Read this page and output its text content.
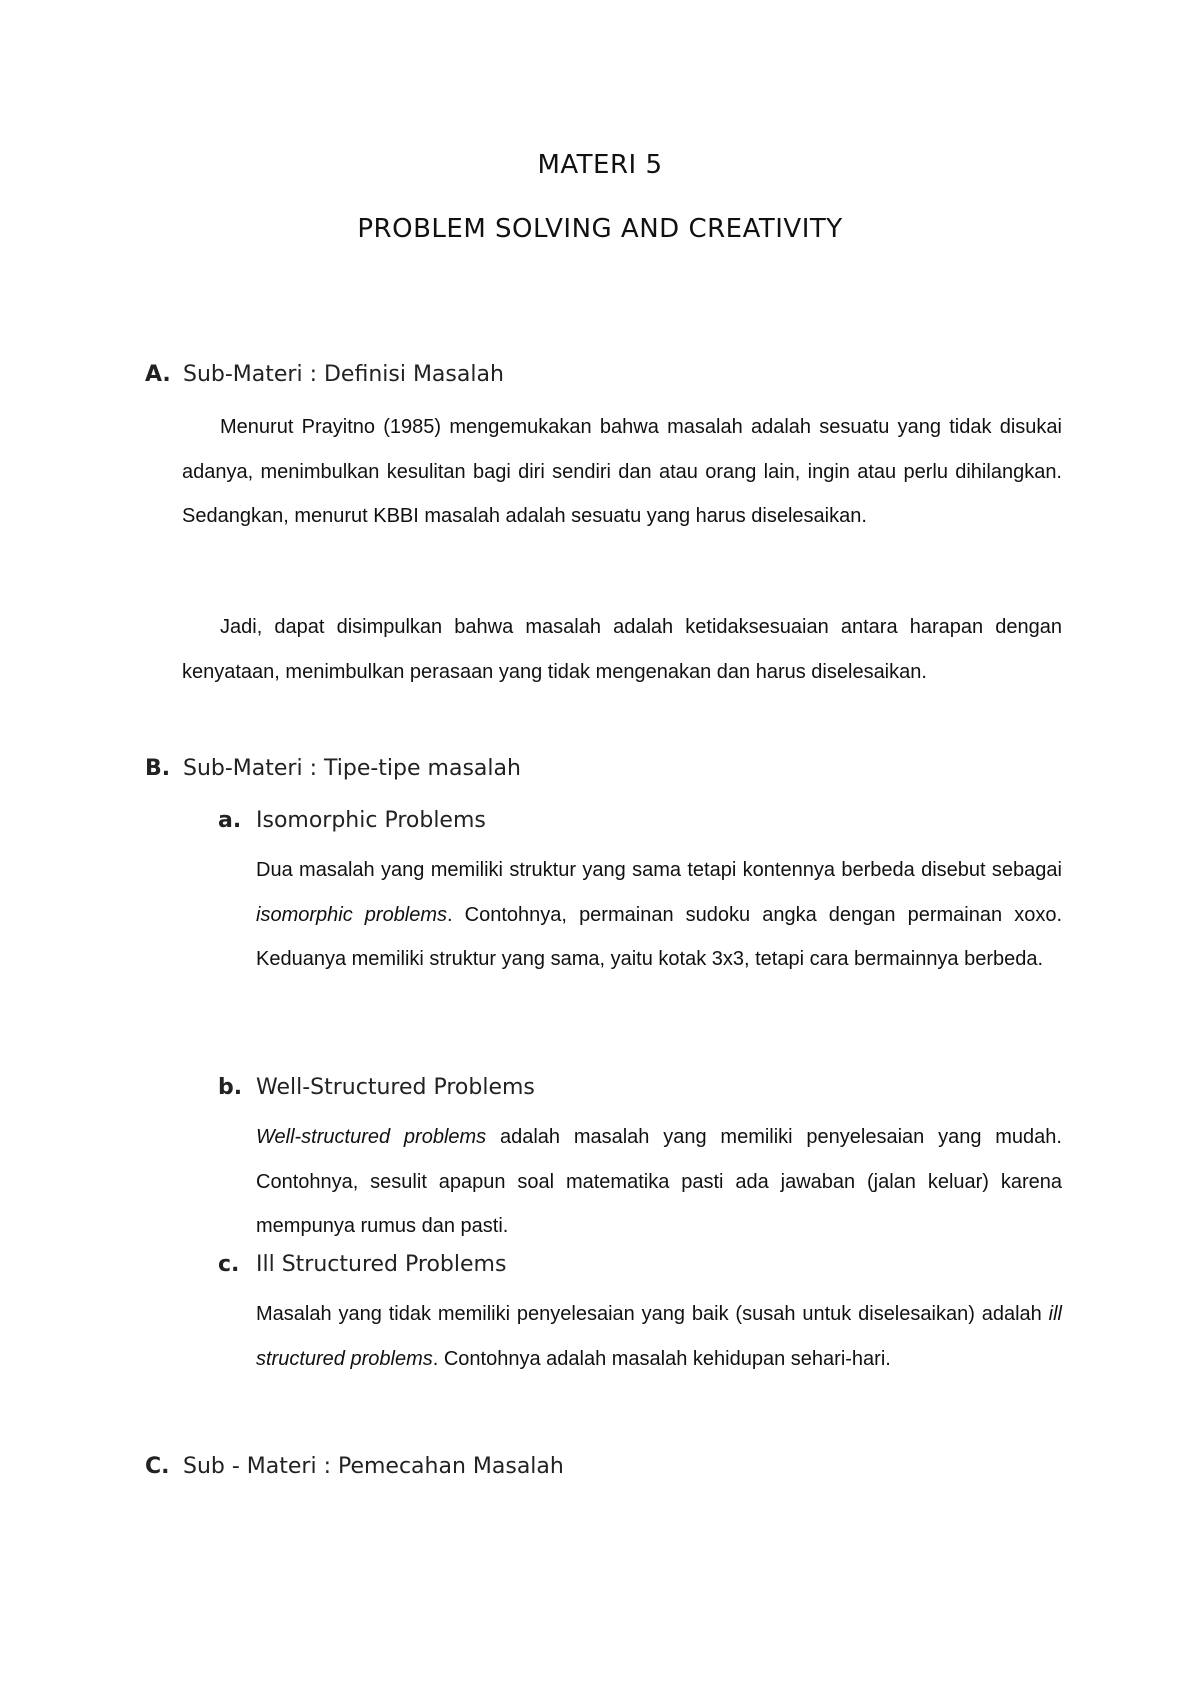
MATERI 5
PROBLEM SOLVING AND CREATIVITY
A. Sub-Materi : Definisi Masalah

Menurut Prayitno (1985) mengemukakan bahwa masalah adalah sesuatu yang tidak disukai adanya, menimbulkan kesulitan bagi diri sendiri dan atau orang lain, ingin atau perlu dihilangkan. Sedangkan, menurut KBBI masalah adalah sesuatu yang harus diselesaikan.

Jadi, dapat disimpulkan bahwa masalah adalah ketidaksesuaian antara harapan dengan kenyataan, menimbulkan perasaan yang tidak mengenakan dan harus diselesaikan.

B. Sub-Materi : Tipe-tipe masalah
a. Isomorphic Problems

Dua masalah yang memiliki struktur yang sama tetapi kontennya berbeda disebut sebagai isomorphic problems. Contohnya, permainan sudoku angka dengan permainan xoxo. Keduanya memiliki struktur yang sama, yaitu kotak 3x3, tetapi cara bermainnya berbeda.

b. Well-Structured Problems

Well-structured problems adalah masalah yang memiliki penyelesaian yang mudah. Contohnya, sesulit apapun soal matematika pasti ada jawaban (jalan keluar) karena mempunya rumus dan pasti.

c. Ill Structured Problems

Masalah yang tidak memiliki penyelesaian yang baik (susah untuk diselesaikan) adalah ill structured problems. Contohnya adalah masalah kehidupan sehari-hari.

C. Sub - Materi : Pemecahan Masalah
